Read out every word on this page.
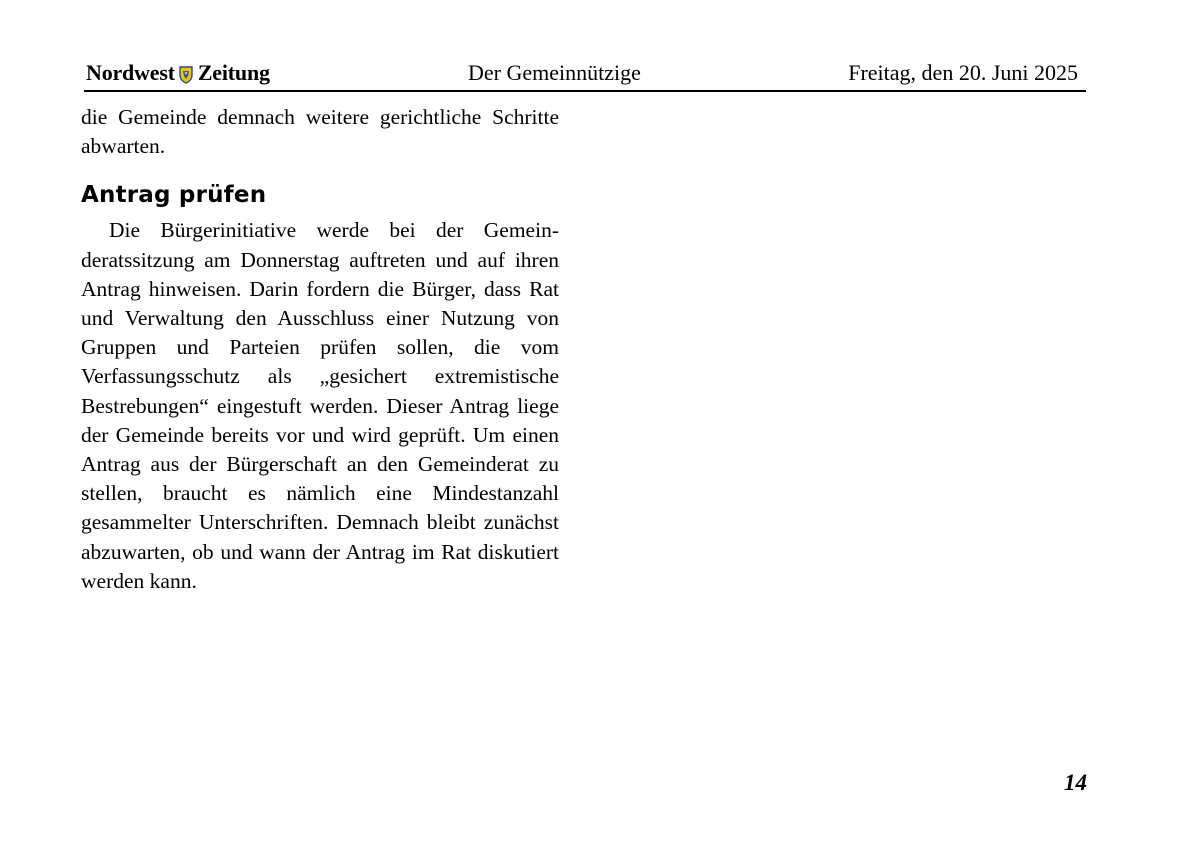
Nordwest Zeitung	Der Gemeinnützige	Freitag, den 20. Juni 2025

die Gemeinde demnach weitere gerichtliche Schritte abwarten.

Antrag prüfen

Die Bürgerinitiative werde bei der Gemeinderatssitzung am Donnerstag auftreten und auf ihren Antrag hinweisen. Darin fordern die Bürger, dass Rat und Verwaltung den Ausschluss einer Nutzung von Gruppen und Parteien prüfen sollen, die vom Verfassungsschutz als „gesichert extremistische Bestrebungen“ eingestuft werden. Dieser Antrag liege der Gemeinde bereits vor und wird geprüft. Um einen Antrag aus der Bürgerschaft an den Gemeinderat zu stellen, braucht es nämlich eine Mindestanzahl gesammelter Unterschriften. Demnach bleibt zunächst abzuwarten, ob und wann der Antrag im Rat diskutiert werden kann.

14
